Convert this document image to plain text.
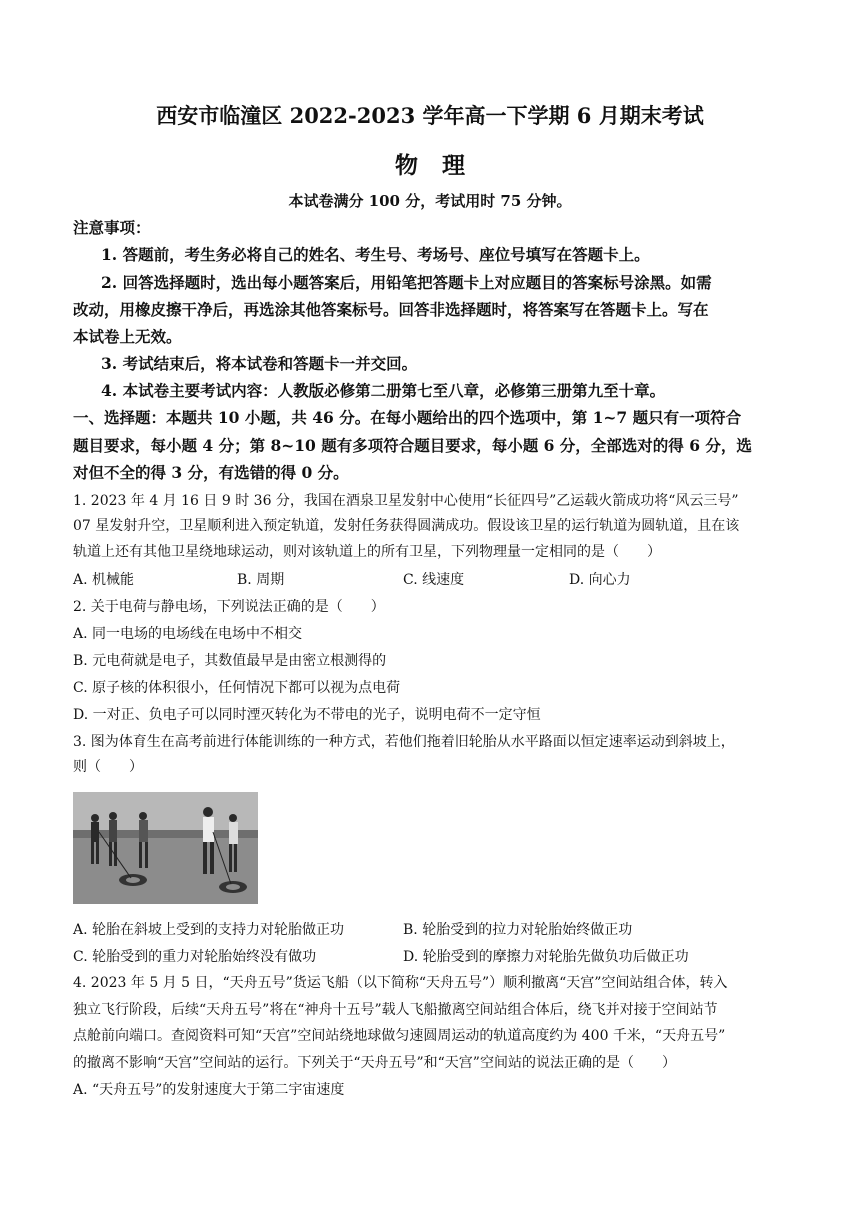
西安市临潼区 2022-2023 学年高一下学期 6 月期末考试
物 理
本试卷满分 100 分，考试用时 75 分钟。
注意事项：
1. 答题前，考生务必将自己的姓名、考生号、考场号、座位号填写在答题卡上。
2. 回答选择题时，选出每小题答案后，用铅笔把答题卡上对应题目的答案标号涂黑。如需
改动，用橡皮擦干净后，再选涂其他答案标号。回答非选择题时，将答案写在答题卡上。写在
本试卷上无效。
3. 考试结束后，将本试卷和答题卡一并交回。
4. 本试卷主要考试内容：人教版必修第二册第七至八章，必修第三册第九至十章。
一、选择题：本题共 10 小题，共 46 分。在每小题给出的四个选项中，第 1~7 题只有一项符合
题目要求，每小题 4 分；第 8~10 题有多项符合题目要求，每小题 6 分，全部选对的得 6 分，选
对但不全的得 3 分，有选错的得 0 分。
1. 2023 年 4 月 16 日 9 时 36 分，我国在酒泉卫星发射中心使用“长征四号”乙运载火箭成功将“风云三号”
07 星发射升空，卫星顺利进入预定轨道，发射任务获得圆满成功。假设该卫星的运行轨道为圆轨道，且在该
轨道上还有其他卫星绕地球运动，则对该轨道上的所有卫星，下列物理量一定相同的是（　　）
A. 机械能	B. 周期	C. 线速度	D. 向心力
2. 关于电荷与静电场，下列说法正确的是（　　）
A. 同一电场的电场线在电场中不相交
B. 元电荷就是电子，其数值最早是由密立根测得的
C. 原子核的体积很小，任何情况下都可以视为点电荷
D. 一对正、负电子可以同时湮灭转化为不带电的光子，说明电荷不一定守恒
3. 图为体育生在高考前进行体能训练的一种方式，若他们拖着旧轮胎从水平路面以恒定速率运动到斜坡上，
则（　　）
A. 轮胎在斜坡上受到的支持力对轮胎做正功	B. 轮胎受到的拉力对轮胎始终做正功
C. 轮胎受到的重力对轮胎始终没有做功	D. 轮胎受到的摩擦力对轮胎先做负功后做正功
4. 2023 年 5 月 5 日，“天舟五号”货运飞船（以下简称“天舟五号”）顺利撤离“天宫”空间站组合体，转入
独立飞行阶段，后续“天舟五号”将在“神舟十五号”载人飞船撤离空间站组合体后，绕飞并对接于空间站节
点舱前向端口。查阅资料可知“天宫”空间站绕地球做匀速圆周运动的轨道高度约为 400 千米，“天舟五号”
的撤离不影响“天宫”空间站的运行。下列关于“天舟五号”和“天宫”空间站的说法正确的是（　　）
A. “天舟五号”的发射速度大于第二宇宙速度
